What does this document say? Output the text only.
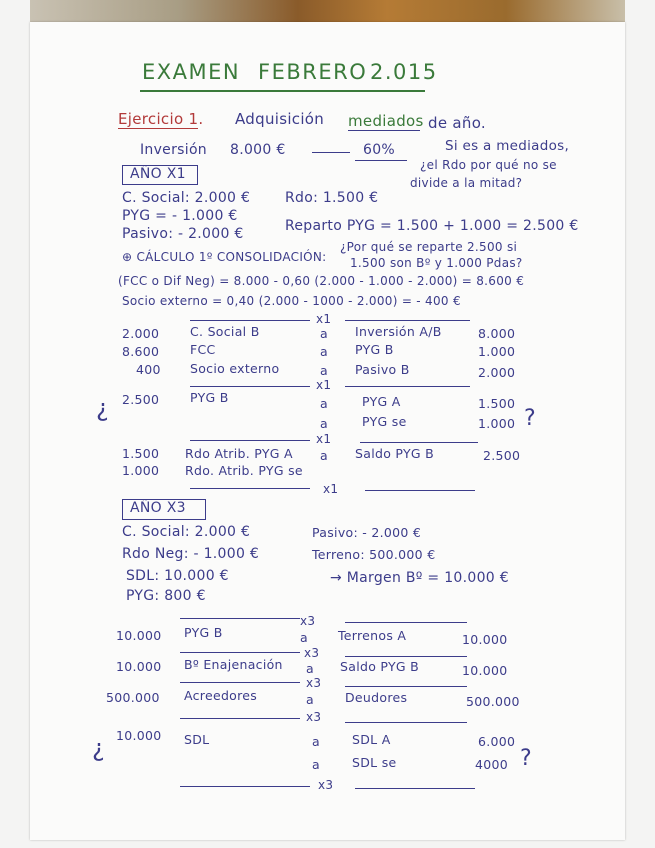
EXAMEN FEBRERO 2.015
Ejercicio 1. Adquisición mediados de año.
Inversión 8.000 €	60%	Si es a mediados,
¿el Rdo por qué no se
divide a la mitad?
AÑO X1
C. Social: 2.000 € Rdo: 1.500 €
PYG = - 1.000 €
Pasivo: - 2.000 €	Reparto PYG = 1.500 + 1.000 = 2.500 €
¿Por qué se reparte 2.500 si
1.500 son Bº y 1.000 Pdas?
⊕ CÁLCULO 1º CONSOLIDACIÓN:
(FCC o Dif Neg) = 8.000 - 0,60 (2.000 - 1.000 - 2.000) = 8.600 €
Socio externo = 0,40 (2.000 - 1000 - 2.000) = - 400 €
x1
2.000 C. Social B	a Inversión A/B	8.000
8.600 FCC	a PYG B	1.000
400 Socio externo	a Pasivo B	2.000
x1
¿ 2.500 PYG B	a	PYG A	1.500
a	PYG se	1.000 ?
x1
1.500 Rdo Atrib. PYG A
1.000 Rdo. Atrib. PYG se
a Saldo PYG B	2.500
x1
AÑO X3
C. Social: 2.000 €	Pasivo: - 2.000 €
Rdo Neg: - 1.000 €	Terreno: 500.000 €
SDL: 10.000 €	→ Margen Bº = 10.000 €
PYG: 800 €
x3
10.000 PYG B	a Terrenos A	10.000
x3
10.000 Bº Enajenación a Saldo PYG B	10.000
x3
500.000 Acreedores	a Deudores	500.000
x3
¿ 10.000 SDL	a	SDL A	6.000
a	SDL se	4000 ?
x3
